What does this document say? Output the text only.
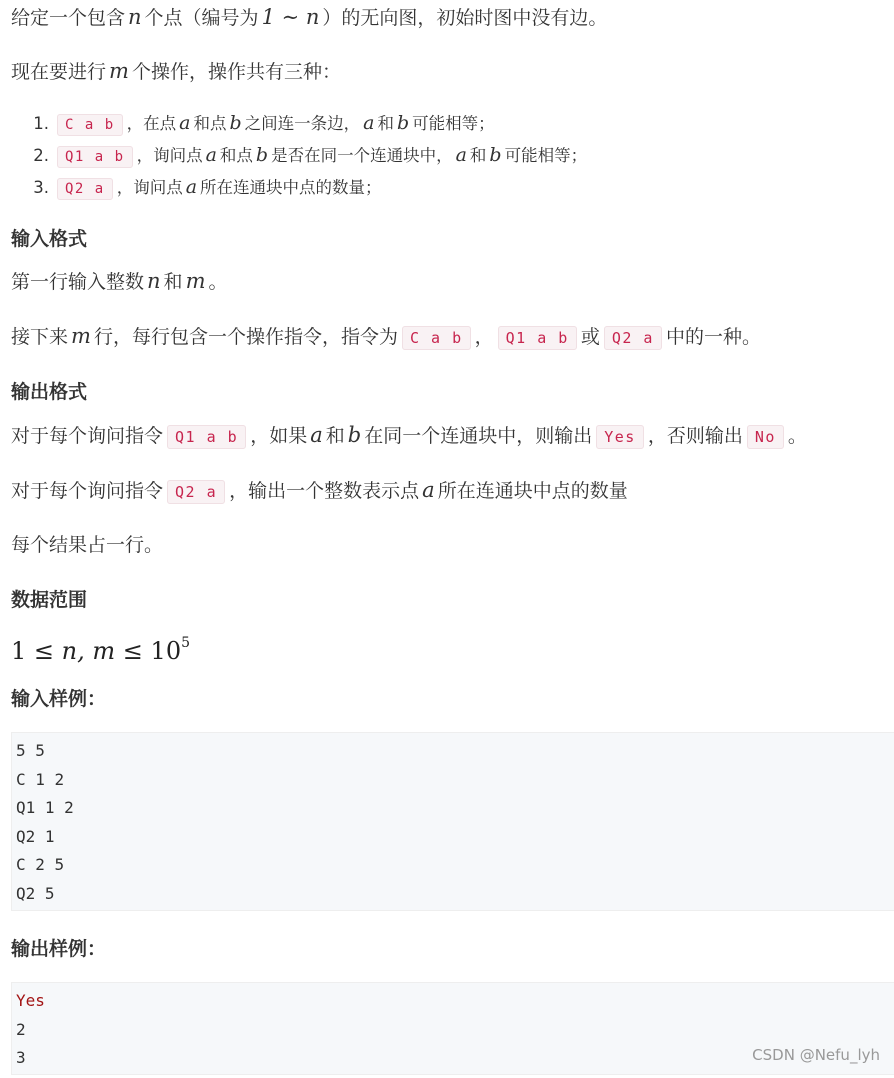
给定一个包含 n 个点（编号为 1 ∼ n ）的无向图，初始时图中没有边。

现在要进行 m 个操作，操作共有三种：

1. C a b ，在点 a 和点 b 之间连一条边， a 和 b 可能相等；
2. Q1 a b ，询问点 a 和点 b 是否在同一个连通块中， a 和 b 可能相等；
3. Q2 a ，询问点 a 所在连通块中点的数量；
输入格式

第一行输入整数 n 和 m 。

接下来 m 行，每行包含一个操作指令，指令为 C a b ， Q1 a b 或 Q2 a 中的一种。

输出格式

对于每个询问指令 Q1 a b ，如果 a 和 b 在同一个连通块中，则输出 Yes ，否则输出 No 。

对于每个询问指令 Q2 a ，输出一个整数表示点 a 所在连通块中点的数量

每个结果占一行。

数据范围
1 ≤ n, $m \le 10^5$
输入样例：
5 5
C 1 2
Q1 1 2
Q2 1
C 2 5
Q2 5
输出样例：
Yes
2
3	CSDN @Nefu_lyh
